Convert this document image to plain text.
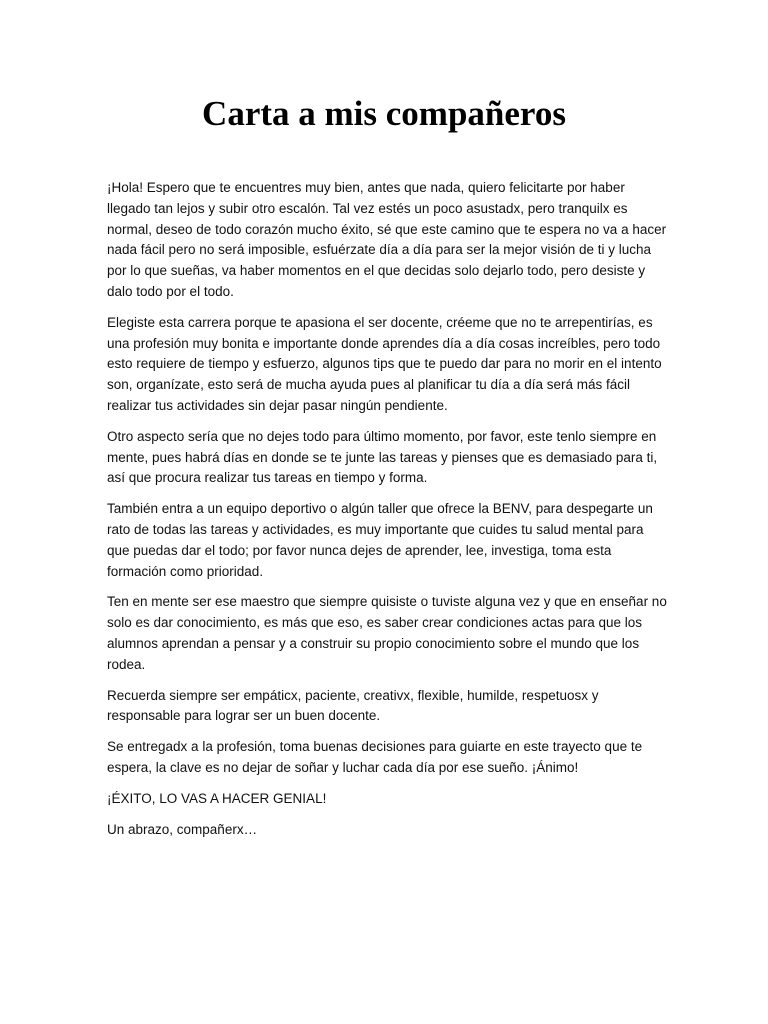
Carta a mis compañeros

¡Hola! Espero que te encuentres muy bien, antes que nada, quiero felicitarte por haber llegado tan lejos y subir otro escalón. Tal vez estés un poco asustadx, pero tranquilx es normal, deseo de todo corazón mucho éxito, sé que este camino que te espera no va a hacer nada fácil pero no será imposible, esfuérzate día a día para ser la mejor visión de ti y lucha por lo que sueñas, va haber momentos en el que decidas solo dejarlo todo, pero desiste y dalo todo por el todo.

Elegiste esta carrera porque te apasiona el ser docente, créeme que no te arrepentirías, es una profesión muy bonita e importante donde aprendes día a día cosas increíbles, pero todo esto requiere de tiempo y esfuerzo, algunos tips que te puedo dar para no morir en el intento son, organízate, esto será de mucha ayuda pues al planificar tu día a día será más fácil realizar tus actividades sin dejar pasar ningún pendiente.

Otro aspecto sería que no dejes todo para último momento, por favor, este tenlo siempre en mente, pues habrá días en donde se te junte las tareas y pienses que es demasiado para ti, así que procura realizar tus tareas en tiempo y forma.

También entra a un equipo deportivo o algún taller que ofrece la BENV, para despegarte un rato de todas las tareas y actividades, es muy importante que cuides tu salud mental para que puedas dar el todo; por favor nunca dejes de aprender, lee, investiga, toma esta formación como prioridad.

Ten en mente ser ese maestro que siempre quisiste o tuviste alguna vez y que en enseñar no solo es dar conocimiento, es más que eso, es saber crear condiciones actas para que los alumnos aprendan a pensar y a construir su propio conocimiento sobre el mundo que los rodea.

Recuerda siempre ser empáticx, paciente, creativx, flexible, humilde, respetuosx y responsable para lograr ser un buen docente.

Se entregadx a la profesión, toma buenas decisiones para guiarte en este trayecto que te espera, la clave es no dejar de soñar y luchar cada día por ese sueño. ¡Ánimo!

¡ÉXITO, LO VAS A HACER GENIAL!

Un abrazo, compañerx…
